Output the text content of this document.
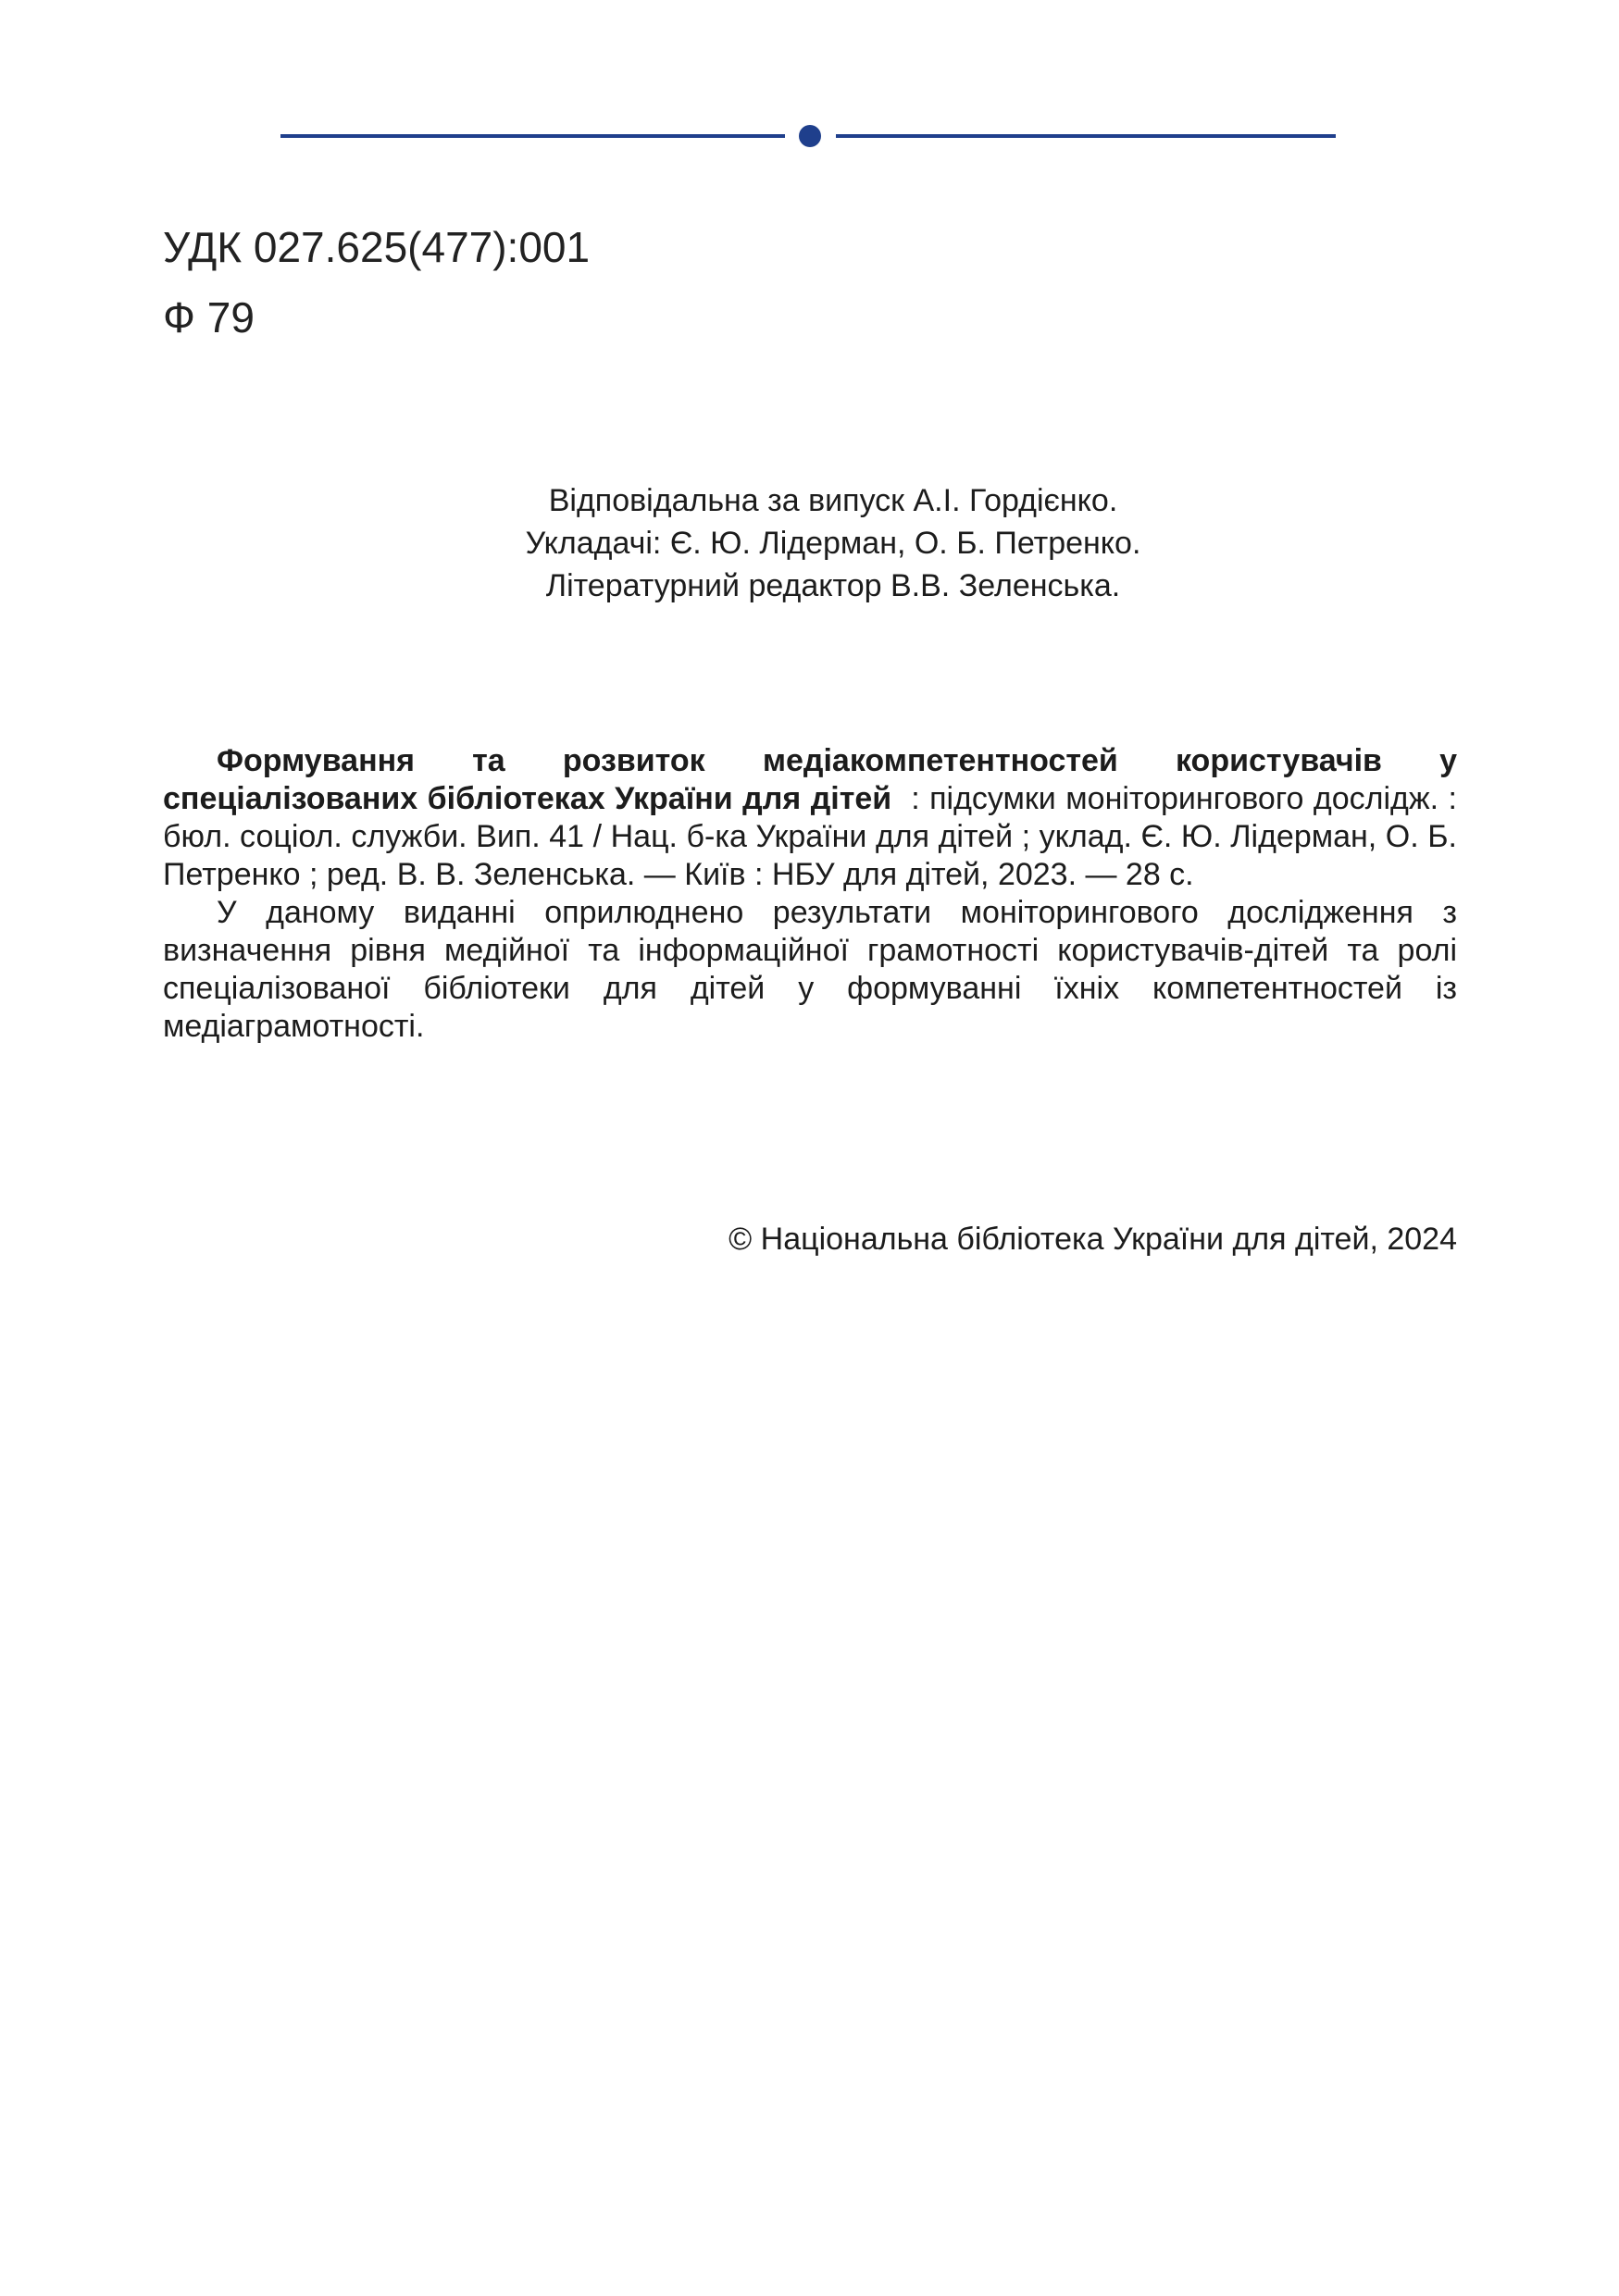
УДК 027.625(477):001
Ф 79
Відповідальна за випуск А.І. Гордієнко.
Укладачі: Є. Ю. Лідерман, О. Б. Петренко.
Літературний редактор В.В. Зеленська.

Формування та розвиток медіакомпетентностей користувачів у спеціалізованих бібліотеках України для дітей : підсумки моніторингового дослідж. : бюл. соціол. служби. Вип. 41 / Нац. б-ка України для дітей ; уклад. Є. Ю. Лідерман, О. Б. Петренко ; ред. В. В. Зеленська. — Київ : НБУ для дітей, 2023. — 28 с.

У даному виданні оприлюднено результати моніторингового дослідження з визначення рівня медійної та інформаційної грамотності користувачів-дітей та ролі спеціалізованої бібліотеки для дітей у формуванні їхніх компетентностей із медіаграмотності.

© Національна бібліотека України для дітей, 2024
